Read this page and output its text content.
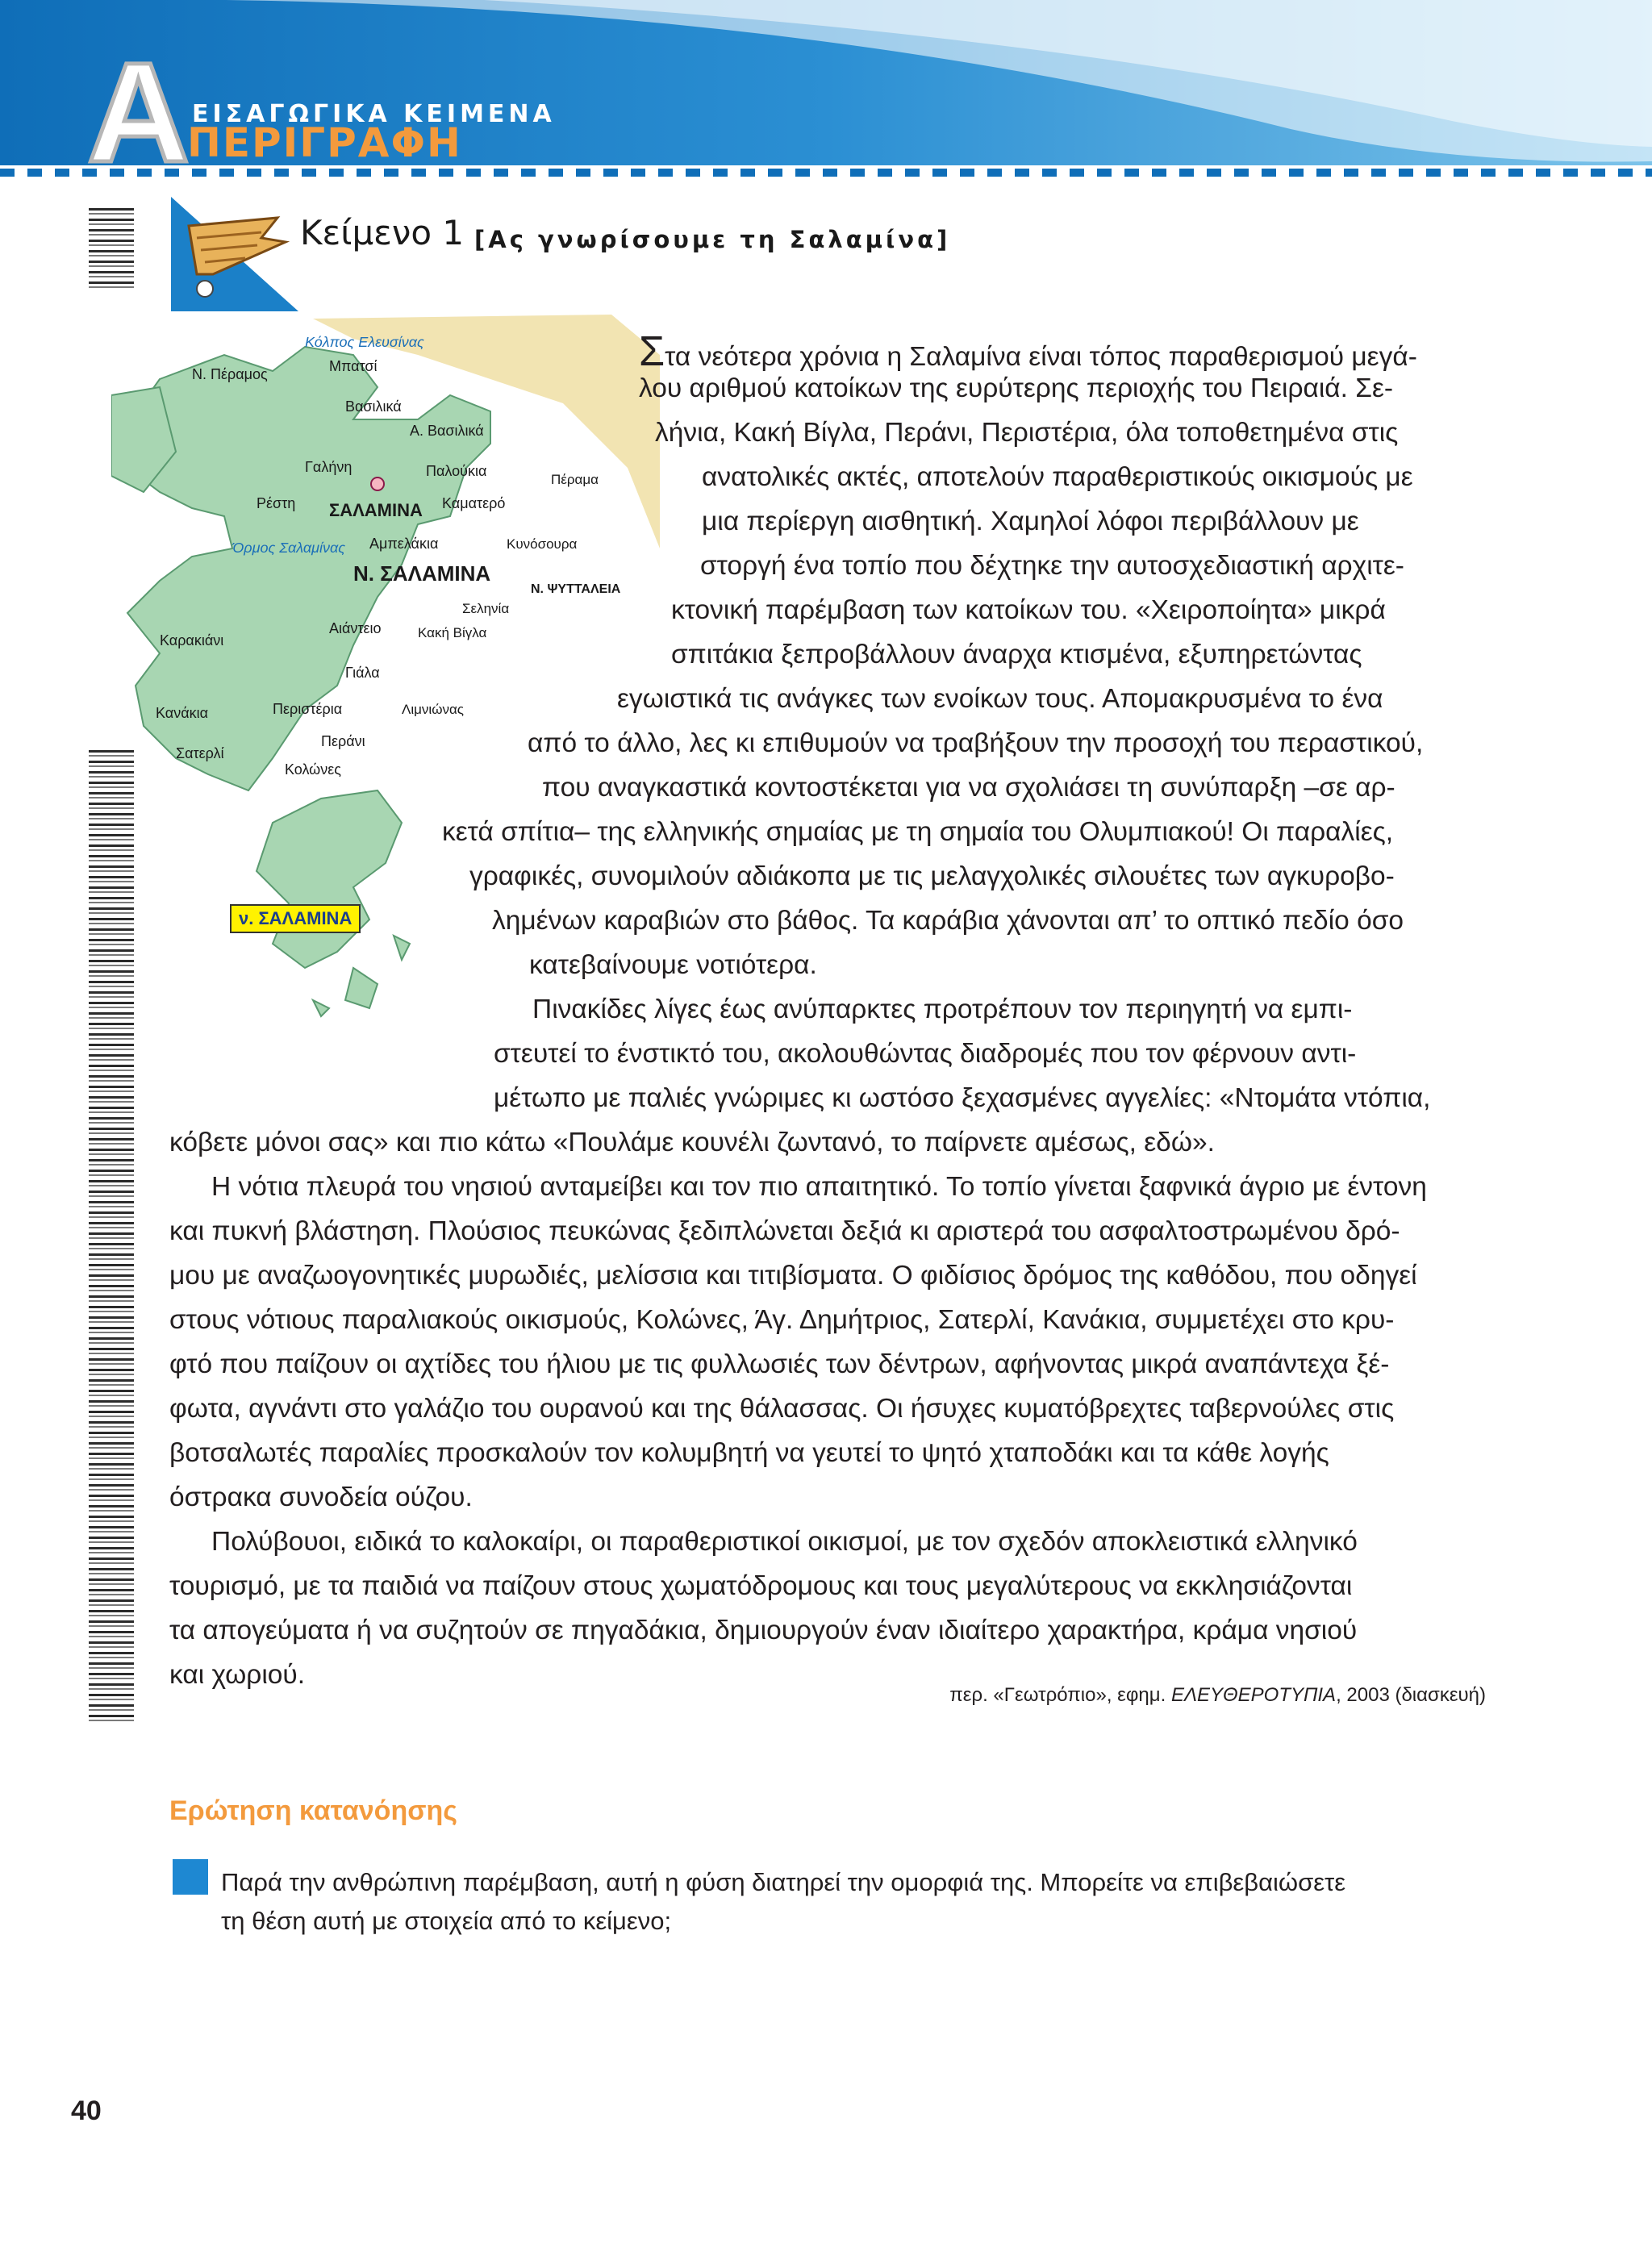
Α ΕΙΣΑΓΩΓΙΚΑ ΚΕΙΜΕΝΑ
ΠΕΡΙΓΡΑΦΗ
Κείμενο 1 [Ας γνωρίσουμε τη Σαλαμίνα]
ν. ΣΑΛΑΜΙΝΑ
Κόλπος Ελευσίνας
Όρμος Σαλαμίνας
Ν. Πέραμος	Μπατσί
Βασιλικά
Α. Βασιλικά
Γαλήνη	Παλούκια
Πέραμα
Ρέστη ΣΑΛΑΜΙΝΑ Καματερό
Αμπελάκια	Κυνόσουρα
Ν. ΣΑΛΑΜΙΝΑ
Ν. ΨΥΤΤΑΛΕΙΑ
Σεληνία
Καρακιάνι
Αιάντειο	Κακή Βίγλα
Γιάλα
Κανάκια	Περιστέρια	Λιμνιώνας
Σατερλί
Περάνι
Κολώνες
Στα νεότερα χρόνια η Σαλαμίνα είναι τόπος παραθερισμού μεγά-
λου αριθμού κατοίκων της ευρύτερης περιοχής του Πειραιά. Σε-
λήνια, Κακή Βίγλα, Περάνι, Περιστέρια, όλα τοποθετημένα στις
ανατολικές ακτές, αποτελούν παραθεριστικούς οικισμούς με
μια περίεργη αισθητική. Χαμηλοί λόφοι περιβάλλουν με
στοργή ένα τοπίο που δέχτηκε την αυτοσχεδιαστική αρχιτε-
κτονική παρέμβαση των κατοίκων του. «Χειροποίητα» μικρά
σπιτάκια ξεπροβάλλουν άναρχα κτισμένα, εξυπηρετώντας
εγωιστικά τις ανάγκες των ενοίκων τους. Απομακρυσμένα το ένα
από το άλλο, λες κι επιθυμούν να τραβήξουν την προσοχή του περαστικού,
που αναγκαστικά κοντοστέκεται για να σχολιάσει τη συνύπαρξη –σε αρ-
κετά σπίτια– της ελληνικής σημαίας με τη σημαία του Ολυμπιακού! Οι παραλίες,
γραφικές, συνομιλούν αδιάκοπα με τις μελαγχολικές σιλουέτες των αγκυροβο-
λημένων καραβιών στο βάθος. Τα καράβια χάνονται απ’ το οπτικό πεδίο όσο
κατεβαίνουμε νοτιότερα.
Πινακίδες λίγες έως ανύπαρκτες προτρέπουν τον περιηγητή να εμπι-
στευτεί το ένστικτό του, ακολουθώντας διαδρομές που τον φέρνουν αντι-
μέτωπο με παλιές γνώριμες κι ωστόσο ξεχασμένες αγγελίες: «Ντομάτα ντόπια,
κόβετε μόνοι σας» και πιο κάτω «Πουλάμε κουνέλι ζωντανό, το παίρνετε αμέσως, εδώ».
Η νότια πλευρά του νησιού ανταμείβει και τον πιο απαιτητικό. Το τοπίο γίνεται ξαφνικά άγριο με έντονη
και πυκνή βλάστηση. Πλούσιος πευκώνας ξεδιπλώνεται δεξιά κι αριστερά του ασφαλτοστρωμένου δρό-
μου με αναζωογονητικές μυρωδιές, μελίσσια και τιτιβίσματα. Ο φιδίσιος δρόμος της καθόδου, που οδηγεί
στους νότιους παραλιακούς οικισμούς, Κολώνες, Άγ. Δημήτριος, Σατερλί, Κανάκια, συμμετέχει στο κρυ-
φτό που παίζουν οι αχτίδες του ήλιου με τις φυλλωσιές των δέντρων, αφήνοντας μικρά αναπάντεχα ξέ-
φωτα, αγνάντι στο γαλάζιο του ουρανού και της θάλασσας. Οι ήσυχες κυματόβρεχτες ταβερνούλες στις
βοτσαλωτές παραλίες προσκαλούν τον κολυμβητή να γευτεί το ψητό χταποδάκι και τα κάθε λογής
όστρακα συνοδεία ούζου.
Πολύβουοι, ειδικά το καλοκαίρι, οι παραθεριστικοί οικισμοί, με τον σχεδόν αποκλειστικά ελληνικό
τουρισμό, με τα παιδιά να παίζουν στους χωματόδρομους και τους μεγαλύτερους να εκκλησιάζονται
τα απογεύματα ή να συζητούν σε πηγαδάκια, δημιουργούν έναν ιδιαίτερο χαρακτήρα, κράμα νησιού
και χωριού.
περ. «Γεωτρόπιο», εφημ. ΕΛΕΥΘΕΡΟΤΥΠΙΑ, 2003 (διασκευή)
Ερώτηση κατανόησης
Παρά την ανθρώπινη παρέμβαση, αυτή η φύση διατηρεί την ομορφιά της. Μπορείτε να επιβεβαιώσετε
τη θέση αυτή με στοιχεία από το κείμενο;
40
